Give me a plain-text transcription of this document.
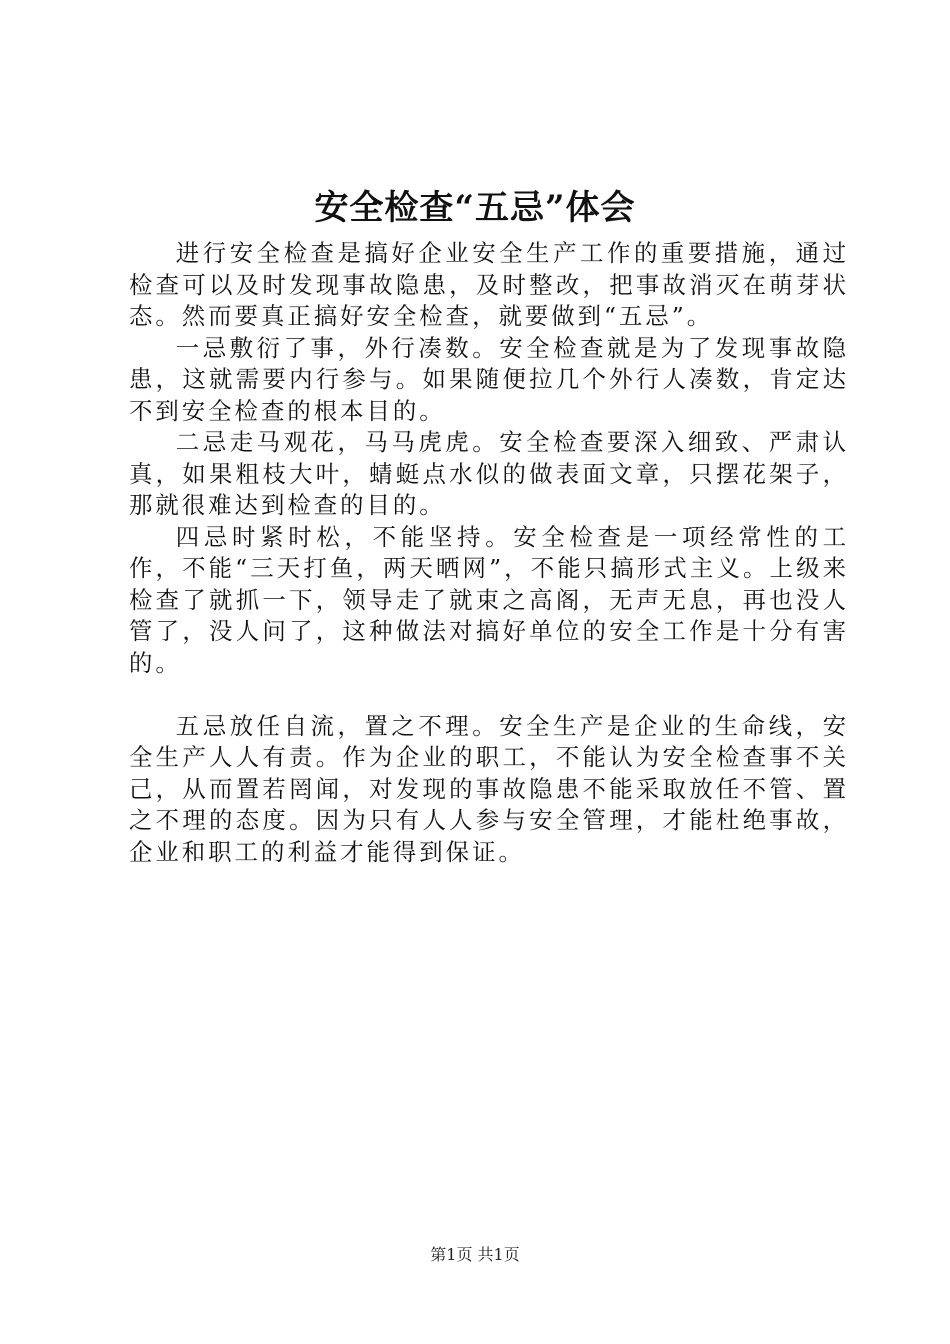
安全检查“五忌”体会

进行安全检查是搞好企业安全生产工作的重要措施，通过检查可以及时发现事故隐患，及时整改，把事故消灭在萌芽状态。然而要真正搞好安全检查，就要做到“五忌”。

一忌敷衍了事，外行凑数。安全检查就是为了发现事故隐患，这就需要内行参与。如果随便拉几个外行人凑数，肯定达不到安全检查的根本目的。

二忌走马观花，马马虎虎。安全检查要深入细致、严肃认真，如果粗枝大叶，蜻蜓点水似的做表面文章，只摆花架子，那就很难达到检查的目的。

四忌时紧时松，不能坚持。安全检查是一项经常性的工作，不能“三天打鱼，两天晒网”，不能只搞形式主义。上级来检查了就抓一下，领导走了就束之高阁，无声无息，再也没人管了，没人问了，这种做法对搞好单位的安全工作是十分有害的。

五忌放任自流，置之不理。安全生产是企业的生命线，安全生产人人有责。作为企业的职工，不能认为安全检查事不关己，从而置若罔闻，对发现的事故隐患不能采取放任不管、置之不理的态度。因为只有人人参与安全管理，才能杜绝事故，企业和职工的利益才能得到保证。

第1页 共1页
